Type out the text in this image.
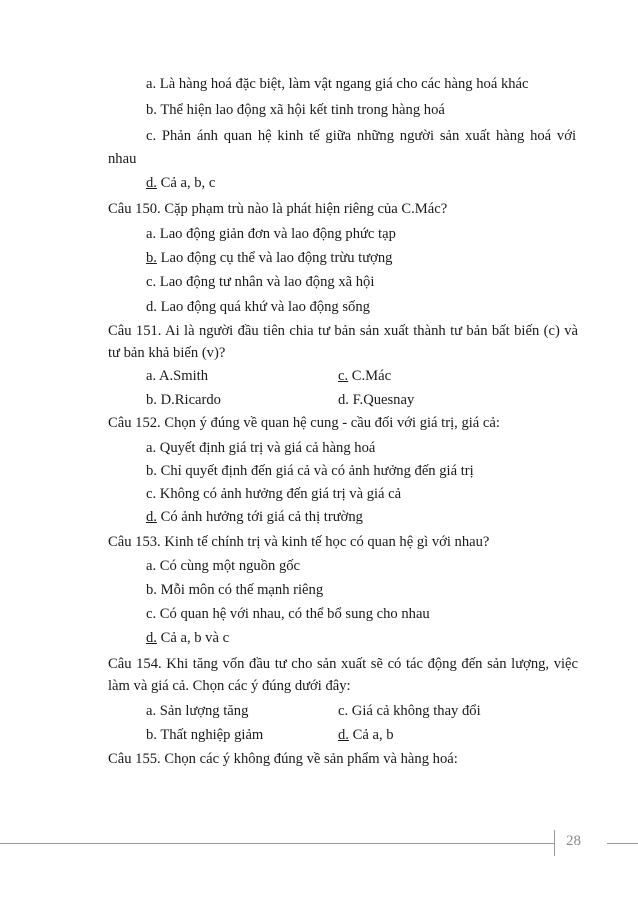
a. Là hàng hoá đặc biệt, làm vật ngang giá cho các hàng hoá khác
b. Thể hiện lao động xã hội kết tinh trong hàng hoá
c. Phản ánh quan hệ kinh tế giữa những người sản xuất hàng hoá với
nhau
d. Cả a, b, c
Câu 150. Cặp phạm trù nào là phát hiện riêng của C.Mác?
a. Lao động giản đơn và lao động phức tạp
b. Lao động cụ thể và lao động trừu tượng
c. Lao động tư nhân và lao động xã hội
d. Lao động quá khứ và lao động sống
Câu 151. Ai là người đầu tiên chia tư bản sản xuất thành tư bản bất biến (c) và
tư bản khả biến (v)?
a. A.Smith	c. C.Mác
b. D.Ricardo	d. F.Quesnay
Câu 152. Chọn ý đúng về quan hệ cung - cầu đối với giá trị, giá cả:
a. Quyết định giá trị và giá cả hàng hoá
b. Chỉ quyết định đến giá cả và có ảnh hưởng đến giá trị
c. Không có ảnh hưởng đến giá trị và giá cả
d. Có ảnh hưởng tới giá cả thị trường
Câu 153. Kinh tế chính trị và kinh tế học có quan hệ gì với nhau?
a. Có cùng một nguồn gốc
b. Mỗi môn có thế mạnh riêng
c. Có quan hệ với nhau, có thể bổ sung cho nhau
d. Cả a, b và c
Câu 154. Khi tăng vốn đầu tư cho sản xuất sẽ có tác động đến sản lượng, việc
làm và giá cả. Chọn các ý đúng dưới đây:
a. Sản lượng tăng	c. Giá cả không thay đổi
b. Thất nghiệp giảm	d. Cả a, b
Câu 155. Chọn các ý không đúng về sản phẩm và hàng hoá:
28
